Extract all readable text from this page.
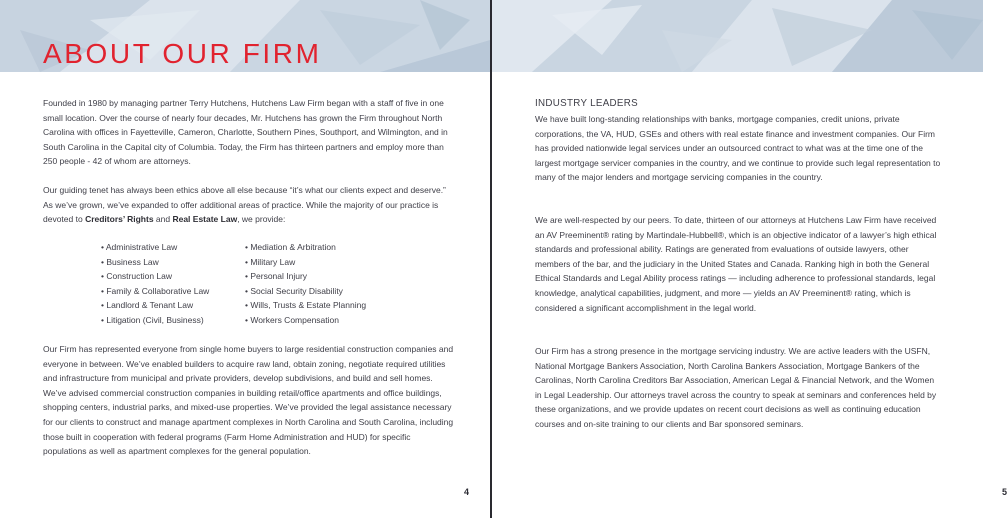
ABOUT OUR FIRM

Founded in 1980 by managing partner Terry Hutchens, Hutchens Law Firm began with a staff of five in one small location. Over the course of nearly four decades, Mr. Hutchens has grown the Firm throughout North Carolina with offices in Fayetteville, Cameron, Charlotte, Southern Pines, Southport, and Wilmington, and in South Carolina in the Capital city of Columbia. Today, the Firm has thirteen partners and employ more than 250 people - 42 of whom are attorneys.

Our guiding tenet has always been ethics above all else because “it’s what our clients expect and deserve.” As we’ve grown, we’ve expanded to offer additional areas of practice. While the majority of our practice is devoted to Creditors’ Rights and Real Estate Law, we provide:

• Administrative Law
• Business Law
• Construction Law
• Family & Collaborative Law
• Landlord & Tenant Law
• Litigation (Civil, Business)
• Mediation & Arbitration
• Military Law
• Personal Injury
• Social Security Disability
• Wills, Trusts & Estate Planning
• Workers Compensation

Our Firm has represented everyone from single home buyers to large residential construction companies and everyone in between. We’ve enabled builders to acquire raw land, obtain zoning, negotiate required utilities and infrastructure from municipal and private providers, develop subdivisions, and build and sell homes. We’ve advised commercial construction companies in building retail/office apartments and office buildings, shopping centers, industrial parks, and mixed-use properties. We’ve provided the legal assistance necessary for our clients to construct and manage apartment complexes in North Carolina and South Carolina, including those built in cooperation with federal programs (Farm Home Administration and HUD) for specific populations as well as apartment complexes for the general population.

4

INDUSTRY LEADERS

We have built long-standing relationships with banks, mortgage companies, credit unions, private corporations, the VA, HUD, GSEs and others with real estate finance and investment companies. Our Firm has provided nationwide legal services under an outsourced contract to what was at the time one of the largest mortgage servicer companies in the country, and we continue to provide such legal representation to many of the major lenders and mortgage servicing companies in the country.

We are well-respected by our peers. To date, thirteen of our attorneys at Hutchens Law Firm have received an AV Preeminent® rating by Martindale-Hubbell®, which is an objective indicator of a lawyer’s high ethical standards and professional ability. Ratings are generated from evaluations of outside lawyers, other members of the bar, and the judiciary in the United States and Canada. Ranking high in both the General Ethical Standards and Legal Ability process ratings — including adherence to professional standards, legal knowledge, analytical capabilities, judgment, and more — yields an AV Preeminent® rating, which is considered a significant accomplishment in the legal world.

Our Firm has a strong presence in the mortgage servicing industry. We are active leaders with the USFN, National Mortgage Bankers Association, North Carolina Bankers Association, Mortgage Bankers of the Carolinas, North Carolina Creditors Bar Association, American Legal & Financial Network, and the Women in Legal Leadership. Our attorneys travel across the country to speak at seminars and conferences held by these organizations, and we provide updates on recent court decisions as well as continuing education courses and on-site training to our clients and Bar sponsored seminars.

5
